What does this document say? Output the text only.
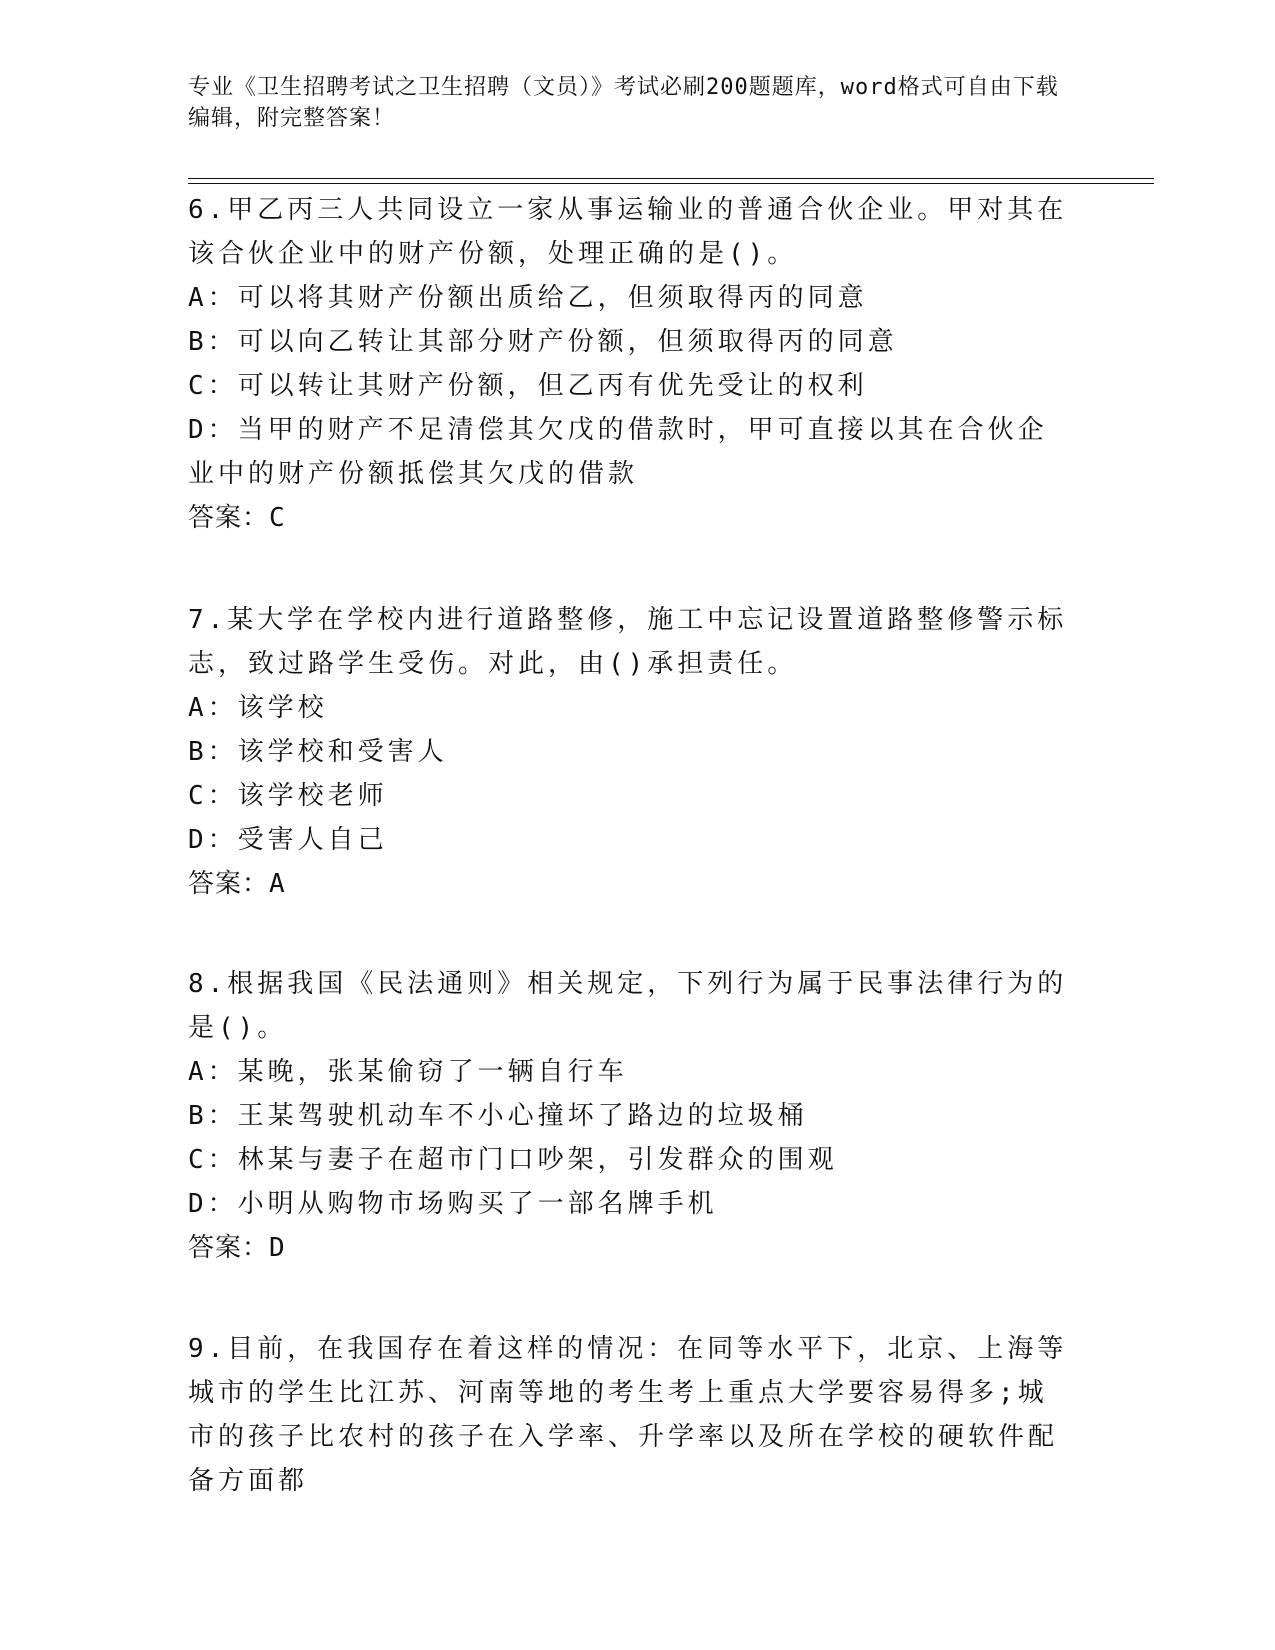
专业《卫生招聘考试之卫生招聘（文员）》考试必刷200题题库，word格式可自由下载编辑，附完整答案！

6.甲乙丙三人共同设立一家从事运输业的普通合伙企业。甲对其在该合伙企业中的财产份额，处理正确的是()。

A：可以将其财产份额出质给乙，但须取得丙的同意

B：可以向乙转让其部分财产份额，但须取得丙的同意

C：可以转让其财产份额，但乙丙有优先受让的权利

D：当甲的财产不足清偿其欠戊的借款时，甲可直接以其在合伙企业中的财产份额抵偿其欠戊的借款

答案：C

7.某大学在学校内进行道路整修，施工中忘记设置道路整修警示标志，致过路学生受伤。对此，由()承担责任。

A：该学校

B：该学校和受害人

C：该学校老师

D：受害人自己

答案：A

8.根据我国《民法通则》相关规定，下列行为属于民事法律行为的是()。

A：某晚，张某偷窃了一辆自行车

B：王某驾驶机动车不小心撞坏了路边的垃圾桶

C：林某与妻子在超市门口吵架，引发群众的围观

D：小明从购物市场购买了一部名牌手机

答案：D

9.目前，在我国存在着这样的情况：在同等水平下，北京、上海等城市的学生比江苏、河南等地的考生考上重点大学要容易得多;城市的孩子比农村的孩子在入学率、升学率以及所在学校的硬软件配备方面都
